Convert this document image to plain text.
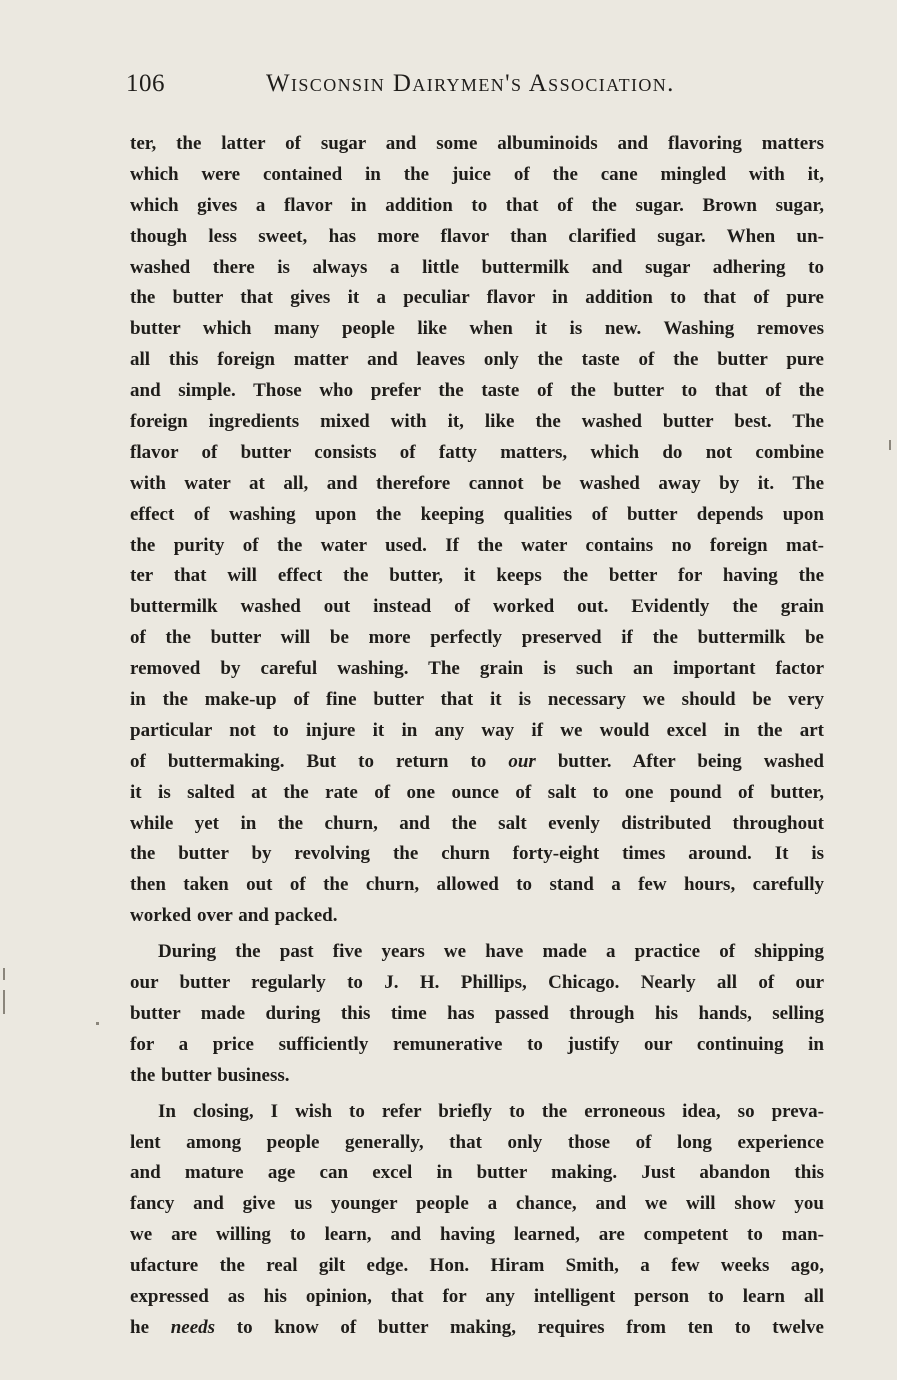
106	Wisconsin Dairymen's Association.
ter, the latter of sugar and some albuminoids and flavoring matters
which were contained in the juice of the cane mingled with it,
which gives a flavor in addition to that of the sugar. Brown sugar,
though less sweet, has more flavor than clarified sugar. When un-
washed there is always a little buttermilk and sugar adhering to
the butter that gives it a peculiar flavor in addition to that of pure
butter which many people like when it is new. Washing removes
all this foreign matter and leaves only the taste of the butter pure
and simple. Those who prefer the taste of the butter to that of the
foreign ingredients mixed with it, like the washed butter best. The
flavor of butter consists of fatty matters, which do not combine
with water at all, and therefore cannot be washed away by it. The
effect of washing upon the keeping qualities of butter depends upon
the purity of the water used. If the water contains no foreign mat-
ter that will effect the butter, it keeps the better for having the
buttermilk washed out instead of worked out. Evidently the grain
of the butter will be more perfectly preserved if the buttermilk be
removed by careful washing. The grain is such an important factor
in the make-up of fine butter that it is necessary we should be very
particular not to injure it in any way if we would excel in the art
of buttermaking. But to return to our butter. After being washed
it is salted at the rate of one ounce of salt to one pound of butter,
while yet in the churn, and the salt evenly distributed throughout
the butter by revolving the churn forty-eight times around. It is
then taken out of the churn, allowed to stand a few hours, carefully
worked over and packed.
During the past five years we have made a practice of shipping
our butter regularly to J. H. Phillips, Chicago. Nearly all of our
butter made during this time has passed through his hands, selling
for a price sufficiently remunerative to justify our continuing in
the butter business.
In closing, I wish to refer briefly to the erroneous idea, so preva-
lent among people generally, that only those of long experience
and mature age can excel in butter making. Just abandon this
fancy and give us younger people a chance, and we will show you
we are willing to learn, and having learned, are competent to man-
ufacture the real gilt edge. Hon. Hiram Smith, a few weeks ago,
expressed as his opinion, that for any intelligent person to learn all
he needs to know of butter making, requires from ten to twelve
